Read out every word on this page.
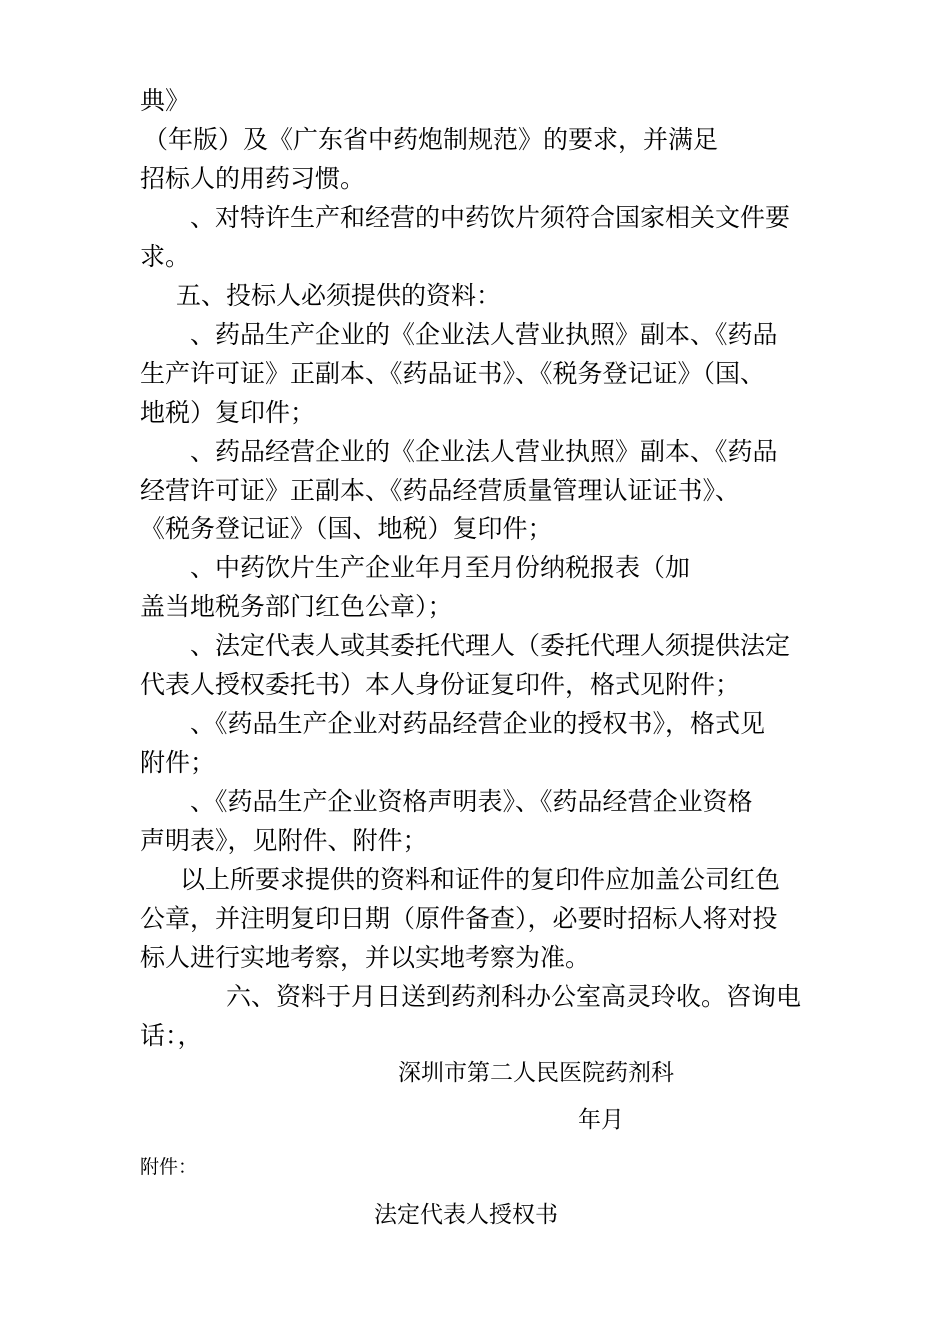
典》

（年版）及《广东省中药炮制规范》的要求，并满足

招标人的用药习惯。

、对特许生产和经营的中药饮片须符合国家相关文件要

求。

五、投标人必须提供的资料：

、药品生产企业的《企业法人营业执照》副本、《药品

生产许可证》正副本、《药品证书》、《税务登记证》（国、

地税）复印件；

、药品经营企业的《企业法人营业执照》副本、《药品

经营许可证》正副本、《药品经营质量管理认证证书》、

《税务登记证》（国、地税）复印件；

、中药饮片生产企业年月至月份纳税报表（加

盖当地税务部门红色公章）；

、法定代表人或其委托代理人（委托代理人须提供法定

代表人授权委托书）本人身份证复印件，格式见附件；

、《药品生产企业对药品经营企业的授权书》，格式见

附件；

、《药品生产企业资格声明表》、《药品经营企业资格

声明表》，见附件、附件；

以上所要求提供的资料和证件的复印件应加盖公司红色

公章，并注明复印日期（原件备查），必要时招标人将对投

标人进行实地考察，并以实地考察为准。

六、资料于月日送到药剂科办公室高灵玲收。咨询电

话：，

深圳市第二人民医院药剂科

年月

附件：

法定代表人授权书
